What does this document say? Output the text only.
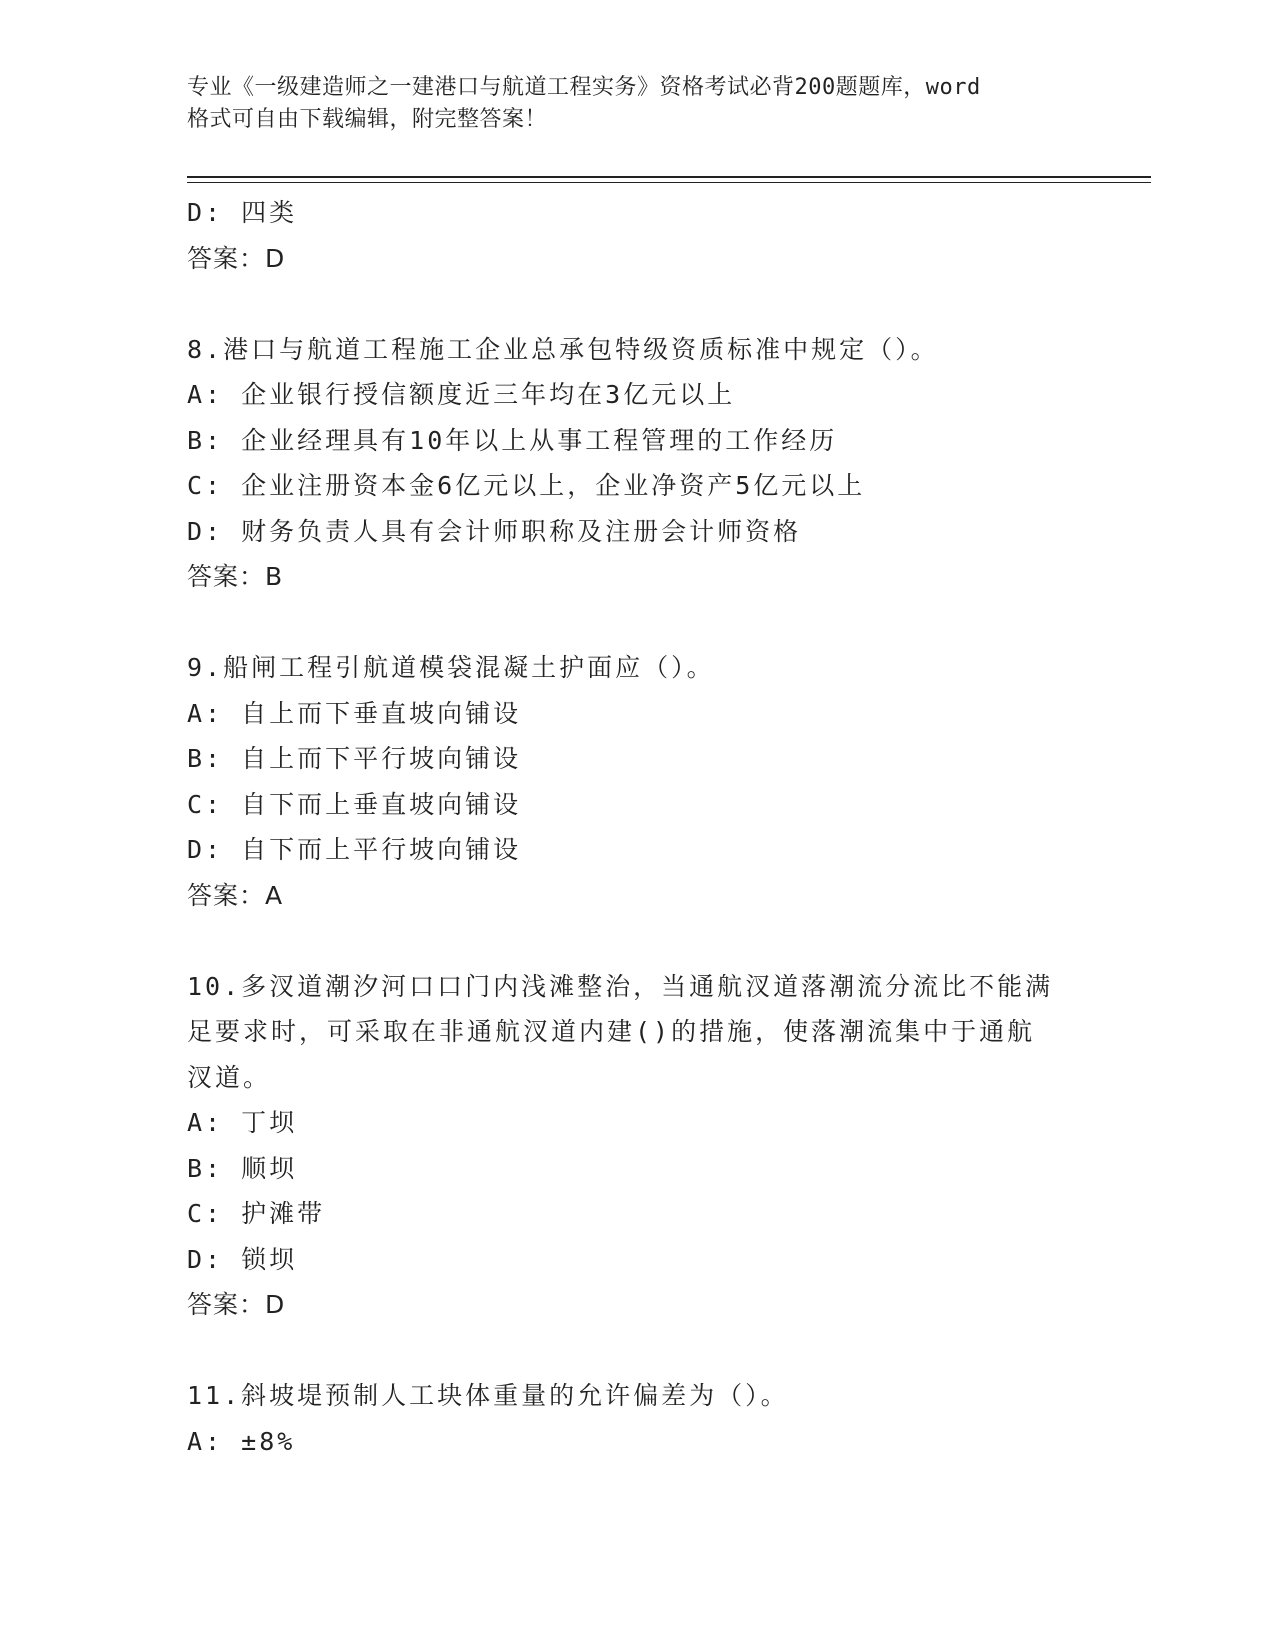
专业《一级建造师之一建港口与航道工程实务》资格考试必背200题题库，word
格式可自由下载编辑，附完整答案！
D: 四类
答案：D
8.港口与航道工程施工企业总承包特级资质标准中规定（）。
A: 企业银行授信额度近三年均在3亿元以上
B: 企业经理具有10年以上从事工程管理的工作经历
C: 企业注册资本金6亿元以上，企业净资产5亿元以上
D: 财务负责人具有会计师职称及注册会计师资格
答案：B
9.船闸工程引航道模袋混凝土护面应（）。
A: 自上而下垂直坡向铺设
B: 自上而下平行坡向铺设
C: 自下而上垂直坡向铺设
D: 自下而上平行坡向铺设
答案：A
10.多汊道潮汐河口口门内浅滩整治，当通航汊道落潮流分流比不能满
足要求时，可采取在非通航汊道内建()的措施，使落潮流集中于通航
汊道。
A: 丁坝
B: 顺坝
C: 护滩带
D: 锁坝
答案：D
11.斜坡堤预制人工块体重量的允许偏差为（）。
A: ±8%
